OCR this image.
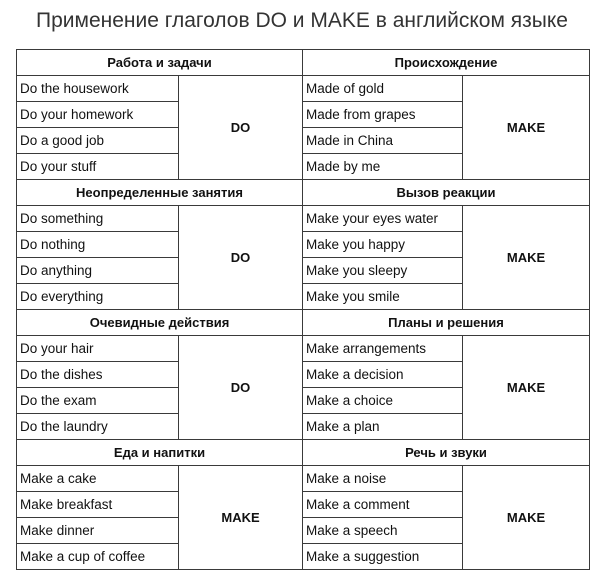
Применение глаголов DO и MAKE в английском языке
Работа и задачи		Происхождение	
Do the housework	DO	Made of gold	MAKE
Do your homework		Made from grapes	
Do a good job		Made in China	
Do your stuff		Made by me	
Неопределенные занятия		Вызов реакции	
Do something	DO	Make your eyes water	MAKE
Do nothing		Make you happy	
Do anything		Make you sleepy	
Do everything		Make you smile	
Очевидные действия		Планы и решения	
Do your hair	DO	Make arrangements	MAKE
Do the dishes		Make a decision	
Do the exam		Make a choice	
Do the laundry		Make a plan	
Еда и напитки		Речь и звуки	
Make a cake	MAKE	Make a noise	MAKE
Make breakfast		Make a comment	
Make dinner		Make a speech	
Make a cup of coffee		Make a suggestion	
